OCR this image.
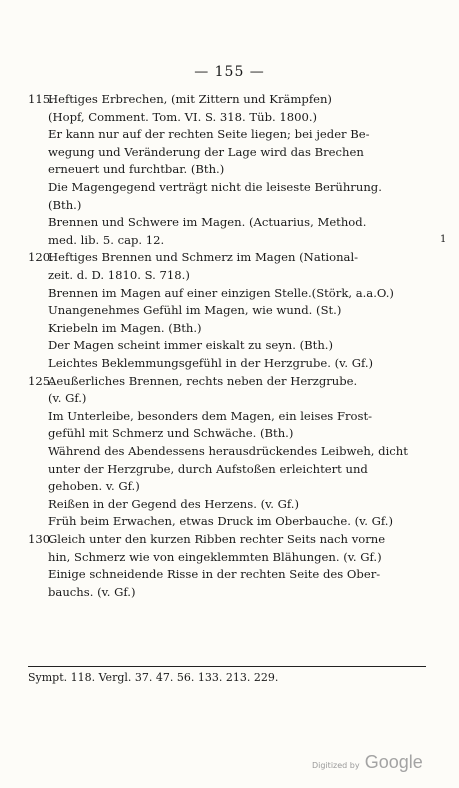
— 155 —
115.Heftiges Erbrechen, (mit Zittern und Krämpfen)
(Hopf, Comment. Tom. VI. S. 318. Tüb. 1800.)
Er kann nur auf der rechten Seite liegen; bei jeder Be-
wegung und Veränderung der Lage wird das Brechen
erneuert und furchtbar. (Bth.)
Die Magengegend verträgt nicht die leiseste Berührung.
(Bth.)
Brennen und Schwere im Magen. (Actuarius, Method.
med. lib. 5. cap. 12.
120.Heftiges Brennen und Schmerz im Magen (National-
zeit. d. D. 1810. S. 718.)
Brennen im Magen auf einer einzigen Stelle.(Störk, a.a.O.)
Unangenehmes Gefühl im Magen, wie wund. (St.)
Kriebeln im Magen. (Bth.)
Der Magen scheint immer eiskalt zu seyn. (Bth.)
Leichtes Beklemmungsgefühl in der Herzgrube. (v. Gf.)
125.Aeußerliches Brennen, rechts neben der Herzgrube.
(v. Gf.)
Im Unterleibe, besonders dem Magen, ein leises Frost-
gefühl mit Schmerz und Schwäche. (Bth.)
Während des Abendessens herausdrückendes Leibweh, dicht
unter der Herzgrube, durch Aufstoßen erleichtert und
gehoben. v. Gf.)
Reißen in der Gegend des Herzens. (v. Gf.)
Früh beim Erwachen, etwas Druck im Oberbauche. (v. Gf.)
130.Gleich unter den kurzen Ribben rechter Seits nach vorne
hin, Schmerz wie von eingeklemmten Blähungen. (v. Gf.)
Einige schneidende Risse in der rechten Seite des Ober-
bauchs. (v. Gf.)
1
Sympt. 118. Vergl. 37. 47. 56. 133. 213. 229.
Digitized by Google
